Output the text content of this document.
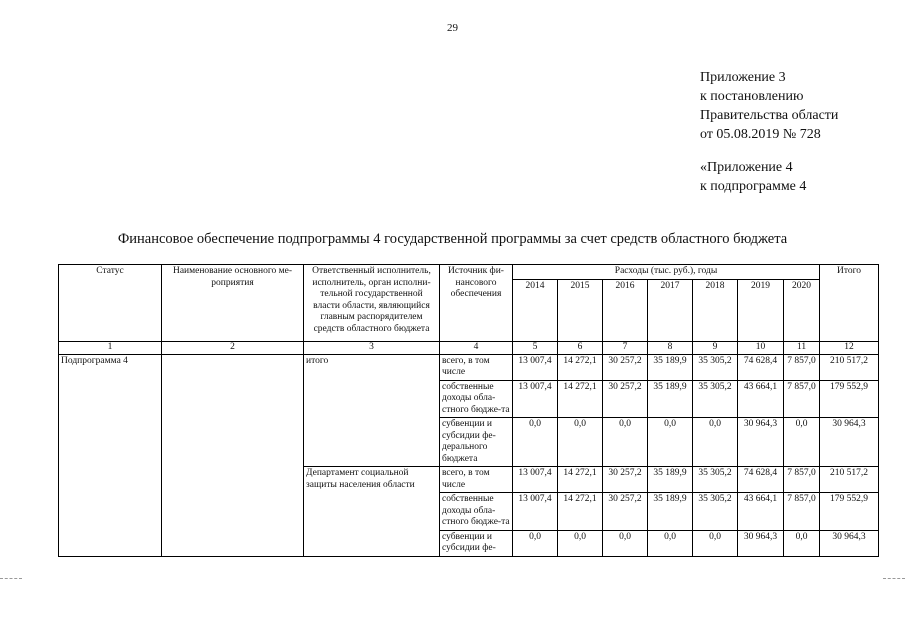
29
Приложение 3
к постановлению
Правительства области
от 05.08.2019 № 728
«Приложение 4
к подпрограмме 4
Финансовое обеспечение подпрограммы 4 государственной программы за счет средств областного бюджета
Статус	Наименование основного ме-роприятия	Ответственный исполнитель, исполнитель, орган исполни-тельной государственной власти области, являющийся главным распорядителем средств областного бюджета	Источник фи-нансового обеспечения	Расходы (тыс. руб.), годы							Итого
				2014	2015	2016	2017	2018	2019	2020	
1	2	3	4	5	6	7	8	9	10	11	12
Подпрограмма 4		итого	всего, в том числе	13 007,4	14 272,1	30 257,2	35 189,9	35 305,2	74 628,4	7 857,0	210 517,2
			собственные доходы обла-стного бюдже-та	13 007,4	14 272,1	30 257,2	35 189,9	35 305,2	43 664,1	7 857,0	179 552,9
			субвенции и субсидии фе-дерального бюджета	0,0	0,0	0,0	0,0	0,0	30 964,3	0,0	30 964,3
		Департамент социальной защиты населения области	всего, в том числе	13 007,4	14 272,1	30 257,2	35 189,9	35 305,2	74 628,4	7 857,0	210 517,2
			собственные доходы обла-стного бюдже-та	13 007,4	14 272,1	30 257,2	35 189,9	35 305,2	43 664,1	7 857,0	179 552,9
			субвенции и субсидии фе-	0,0	0,0	0,0	0,0	0,0	30 964,3	0,0	30 964,3
